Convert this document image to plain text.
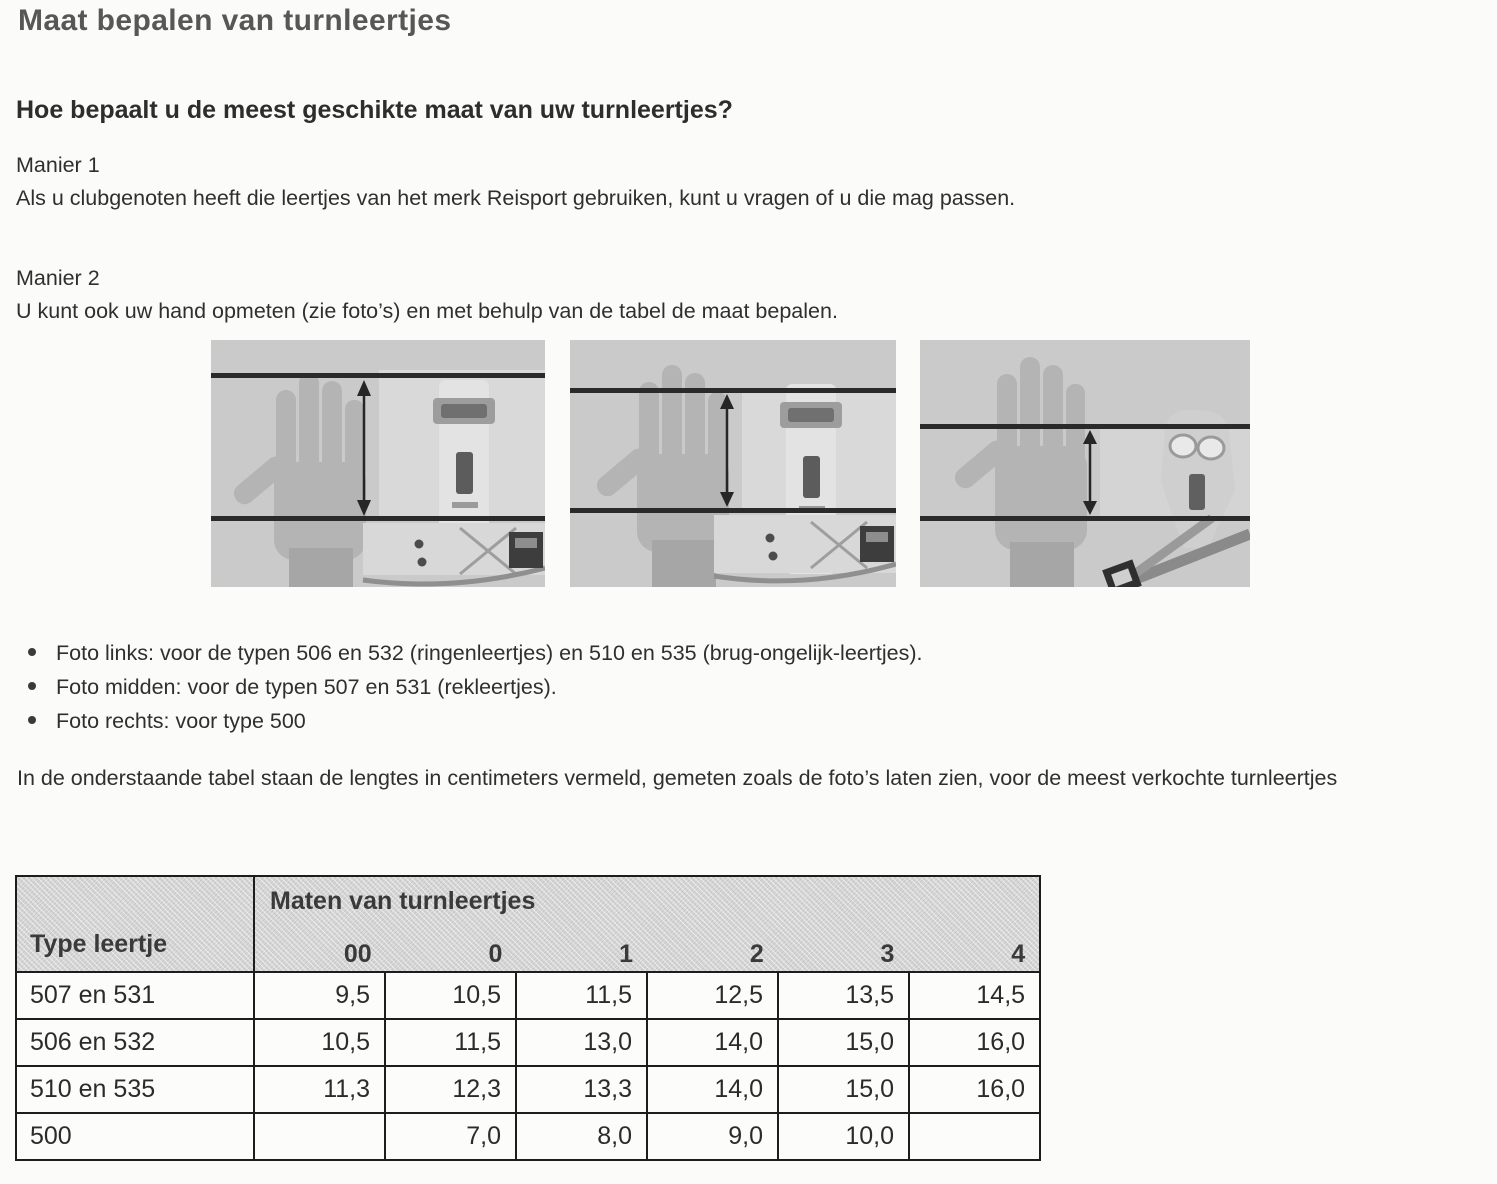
Maat bepalen van turnleertjes
Hoe bepaalt u de meest geschikte maat van uw turnleertjes?
Manier 1
Als u clubgenoten heeft die leertjes van het merk Reisport gebruiken, kunt u vragen of u die mag passen.
Manier 2
U kunt ook uw hand opmeten (zie foto’s) en met behulp van de tabel de maat bepalen.
Foto links: voor de typen 506 en 532 (ringenleertjes) en 510 en 535 (brug-ongelijk-leertjes).
Foto midden: voor de typen 507 en 531 (rekleertjes).
Foto rechts: voor type 500

In de onderstaande tabel staan de lengtes in centimeters vermeld, gemeten zoals de foto’s laten zien, voor de meest verkochte turnleertjes

Type leertje	
Maten van turnleertjes
00	0	1	2	3	4

507 en 531	9,5	10,5	11,5	12,5	13,5	14,5
506 en 532	10,5	11,5	13,0	14,0	15,0	16,0
510 en 535	11,3	12,3	13,3	14,0	15,0	16,0
500		7,0	8,0	9,0	10,0	
